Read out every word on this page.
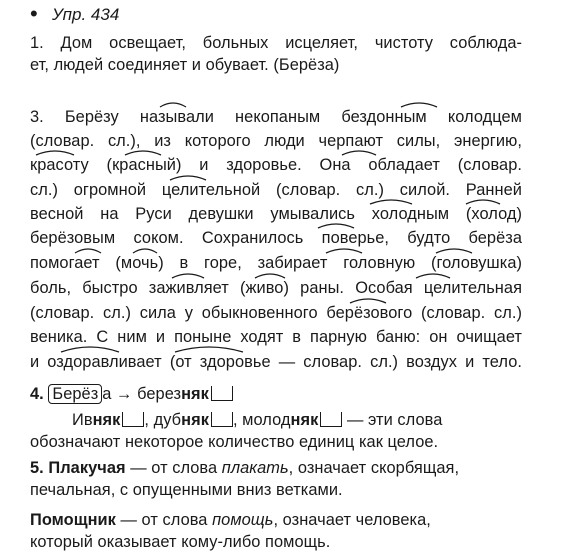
• Упр. 434
1. Дом освещает, больных исцеляет, чистоту соблюда-
ет, людей соединяет и обувает. (Берёза)
3. Берёзу называли некопаным бездонным колодцем
(словар. сл.), из которого люди черпают силы, энергию,
красоту (красный) и здоровье. Она обладает (словар.
сл.) огромной целительной (словар. сл.) силой. Ранней
весной на Руси девушки умывались холодным (холод)
берёзовым соком. Сохранилось поверье, будто берёза
помогает (мочь) в горе, забирает головную (головушка)
боль, быстро заживляет (живо) раны. Особая целительная
(словар. сл.) сила у обыкновенного берёзового (словар. сл.)
веника. С ним и поныне ходят в парную баню: он очищает
и оздоравливает (от здоровье — словар. сл.) воздух и тело.
4. Берёз а → березняк
Ивняк , дубняк , молодняк — эти слова
обозначают некоторое количество единиц как целое.
5. Плакучая — от слова плакать, означает скорбящая,
печальная, с опущенными вниз ветками.
Помощник — от слова помощь, означает человека,
который оказывает кому-либо помощь.
